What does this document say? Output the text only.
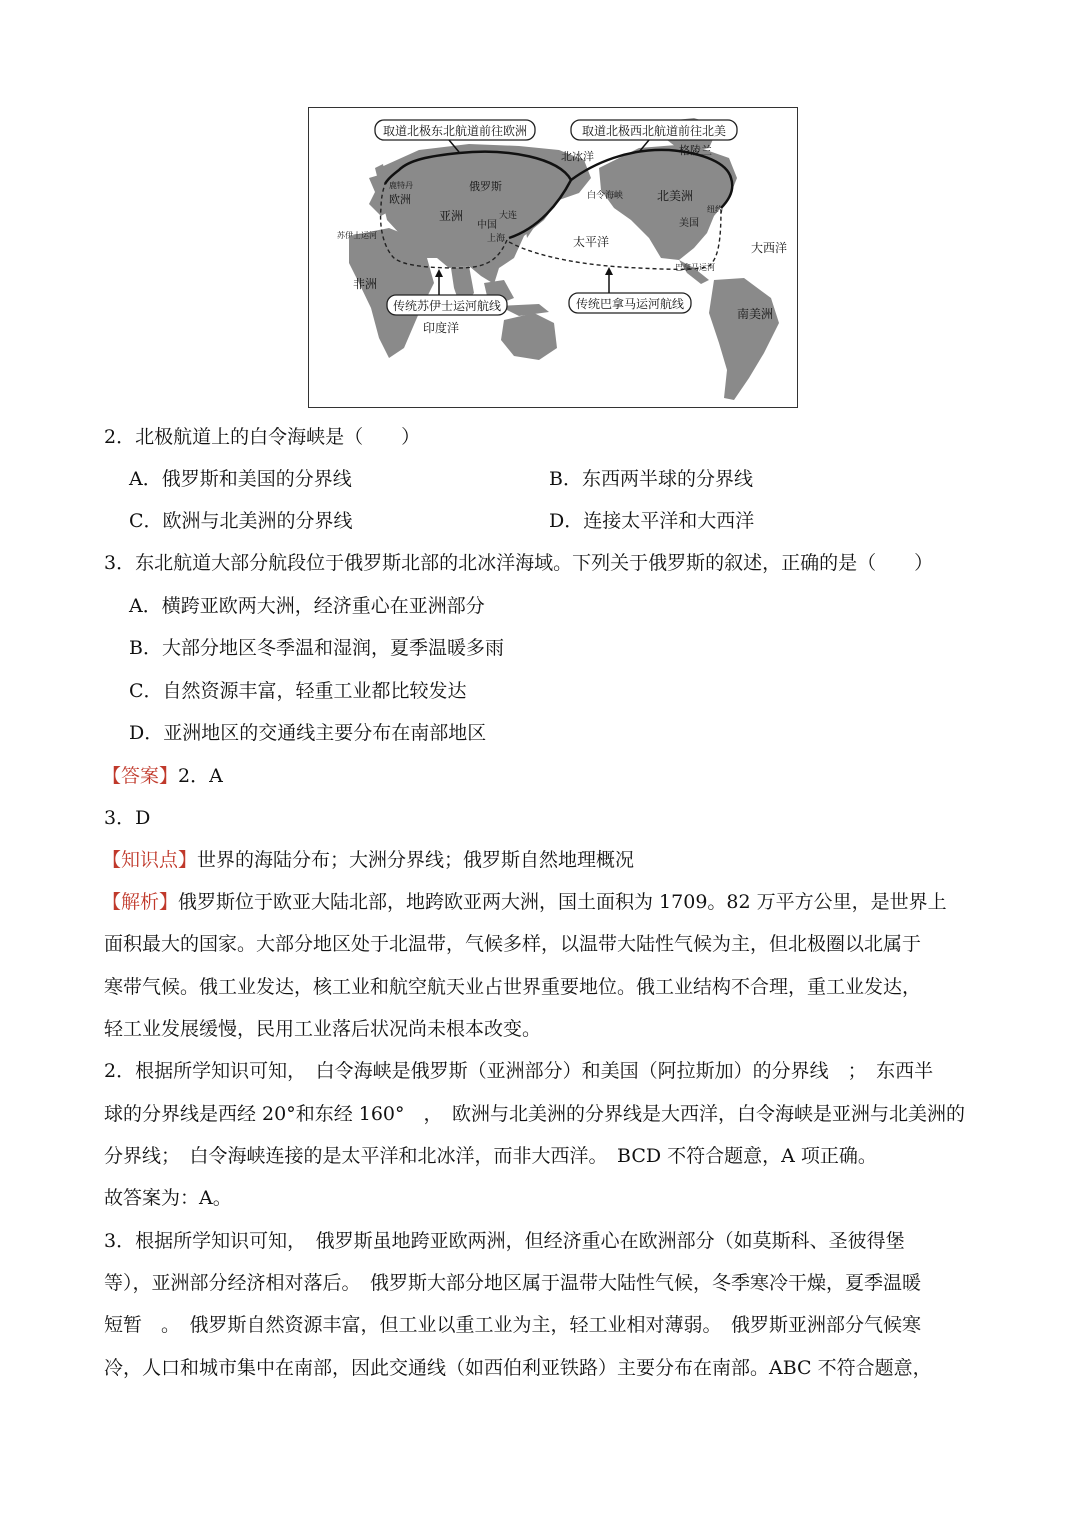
取道北极东北航道前往欧洲	取道北极西北航道前往北美
传统苏伊士运河航线	传统巴拿马运河航线
北冰洋	格陵兰
俄罗斯
鹿特丹
欧洲
亚洲
中国
大连
上海
白令海峡	北美洲
纽约
美国
苏伊士运河	太平洋	大西洋
巴拿马运河
非洲
印度洋
南美洲
2．北极航道上的白令海峡是（　　）
A．俄罗斯和美国的分界线	B．东西两半球的分界线
C．欧洲与北美洲的分界线	D．连接太平洋和大西洋
3．东北航道大部分航段位于俄罗斯北部的北冰洋海域。下列关于俄罗斯的叙述，正确的是（　　）
A．横跨亚欧两大洲，经济重心在亚洲部分
B．大部分地区冬季温和湿润，夏季温暖多雨
C．自然资源丰富，轻重工业都比较发达
D．亚洲地区的交通线主要分布在南部地区
【答案】2．A
3．D
【知识点】世界的海陆分布；大洲分界线；俄罗斯自然地理概况
【解析】俄罗斯位于欧亚大陆北部，地跨欧亚两大洲，国土面积为 1709。82 万平方公里，是世界上
面积最大的国家。大部分地区处于北温带，气候多样，以温带大陆性气候为主，但北极圈以北属于
寒带气候。俄工业发达，核工业和航空航天业占世界重要地位。俄工业结构不合理，重工业发达，
轻工业发展缓慢，民用工业落后状况尚未根本改变。
2．根据所学知识可知，　白令海峡是俄罗斯（亚洲部分）和美国（阿拉斯加）的分界线　；　东西半
球的分界线是西经 20°和东经 160°　，　欧洲与北美洲的分界线是大西洋，白令海峡是亚洲与北美洲的
分界线；　白令海峡连接的是太平洋和北冰洋，而非大西洋。　BCD 不符合题意，A 项正确。
故答案为：A。
3．根据所学知识可知，　俄罗斯虽地跨亚欧两洲，但经济重心在欧洲部分（如莫斯科、圣彼得堡
等），亚洲部分经济相对落后。　俄罗斯大部分地区属于温带大陆性气候，冬季寒冷干燥，夏季温暖
短暂　。　俄罗斯自然资源丰富，但工业以重工业为主，轻工业相对薄弱。　俄罗斯亚洲部分气候寒
冷，人口和城市集中在南部，因此交通线（如西伯利亚铁路）主要分布在南部。ABC 不符合题意，
